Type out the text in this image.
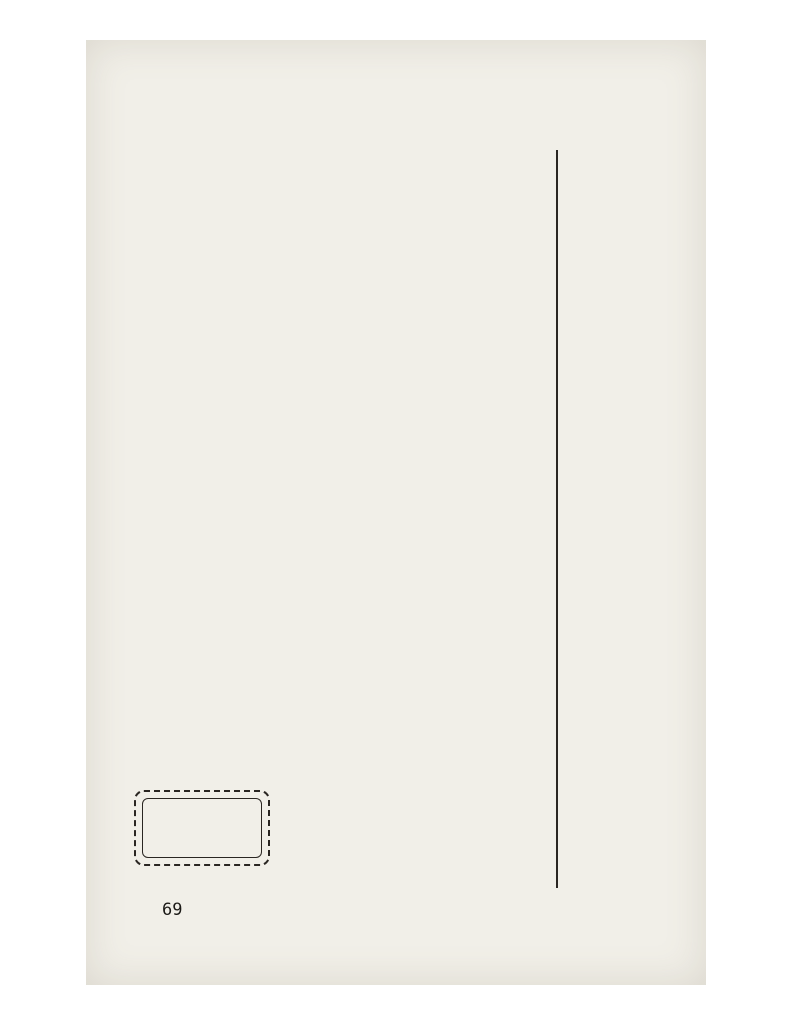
69
